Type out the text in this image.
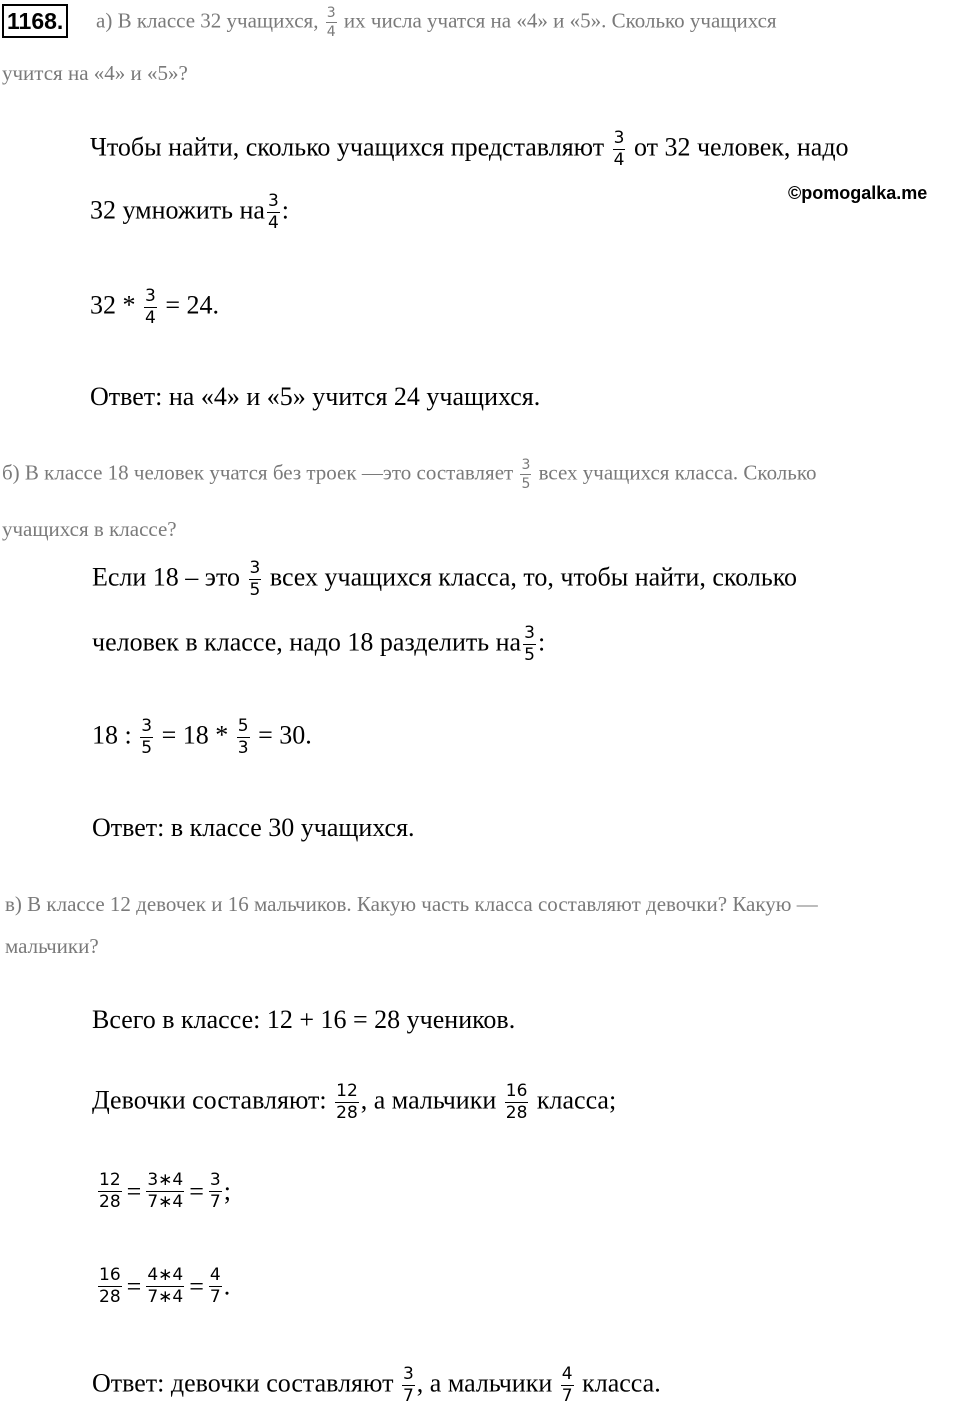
1168. а) В классе 32 учащихся, $\frac{3}{4}$ их числа учатся на «4» и «5». Сколько учащихся
учится на «4» и «5»?
Чтобы найти, сколько учащихся представляют $\frac{3}{4}$ от 32 человек, надо
©pomogalka.me
32 умножить на $\frac{3}{4}$ :
$32 * \frac{3}{4} = 24$.
Ответ: на «4» и «5» учится 24 учащихся.
б) В классе 18 человек учатся без троек —это составляет $\frac{3}{5}$ всех учащихся класса. Сколько
учащихся в классе?
Если 18 – это $\frac{3}{5}$ всех учащихся класса, то, чтобы найти, сколько
человек в классе, надо 18 разделить на $\frac{3}{5}$ :
18 : $\frac{3}{5} = 18 * \frac{5}{3} = 30$.
Ответ: в классе 30 учащихся.
в) В классе 12 девочек и 16 мальчиков. Какую часть класса составляют девочки? Какую —
мальчики?
Всего в классе: 12 + 16 = 28 учеников.
Девочки составляют: $\frac{12}{28}$ , а мальчики $\frac{16}{28}$ класса;
$\frac{12}{28} = \frac{3∗4}{7∗4} = \frac{3}{7}$ ;
$\frac{16}{28} = \frac{4∗4}{7∗4} = \frac{4}{7}$ .
Ответ: девочки составляют $\frac{3}{7}$ , а мальчики $\frac{4}{7}$ класса.
